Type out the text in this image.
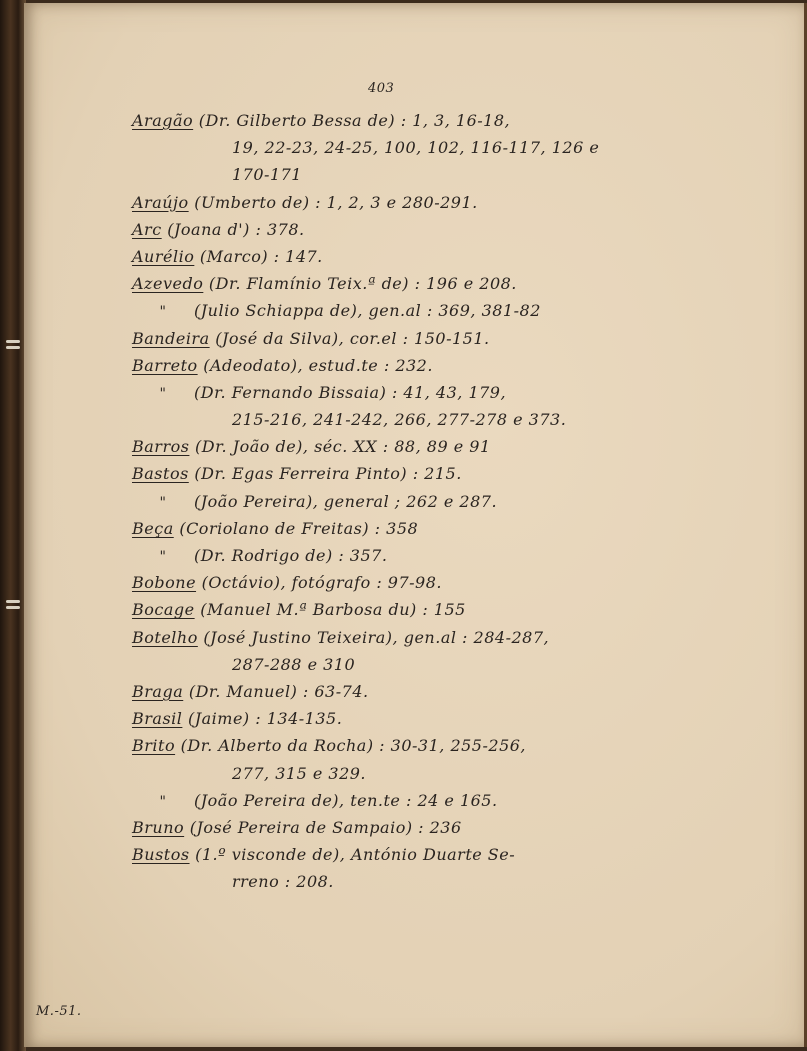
403
Aragão (Dr. Gilberto Bessa de) : 1, 3, 16-18,
19, 22-23, 24-25, 100, 102, 116-117, 126 e
170-171
Araújo (Umberto de) : 1, 2, 3 e 280-291.
Arc (Joana d') : 378.
Aurélio (Marco) : 147.
Azevedo (Dr. Flamínio Teix.ª de) : 196 e 208.
" (Julio Schiappa de), gen.al : 369, 381-82
Bandeira (José da Silva), cor.el : 150-151.
Barreto (Adeodato), estud.te : 232.
" (Dr. Fernando Bissaia) : 41, 43, 179,
215-216, 241-242, 266, 277-278 e 373.
Barros (Dr. João de), séc. XX : 88, 89 e 91
Bastos (Dr. Egas Ferreira Pinto) : 215.
" (João Pereira), general ; 262 e 287.
Beça (Coriolano de Freitas) : 358
" (Dr. Rodrigo de) : 357.
Bobone (Octávio), fotógrafo : 97-98.
Bocage (Manuel M.ª Barbosa du) : 155
Botelho (José Justino Teixeira), gen.al : 284-287,
287-288 e 310
Braga (Dr. Manuel) : 63-74.
Brasil (Jaime) : 134-135.
Brito (Dr. Alberto da Rocha) : 30-31, 255-256,
277, 315 e 329.
" (João Pereira de), ten.te : 24 e 165.
Bruno (José Pereira de Sampaio) : 236
Bustos (1.º visconde de), António Duarte Se-
rreno : 208.
M.-51.
